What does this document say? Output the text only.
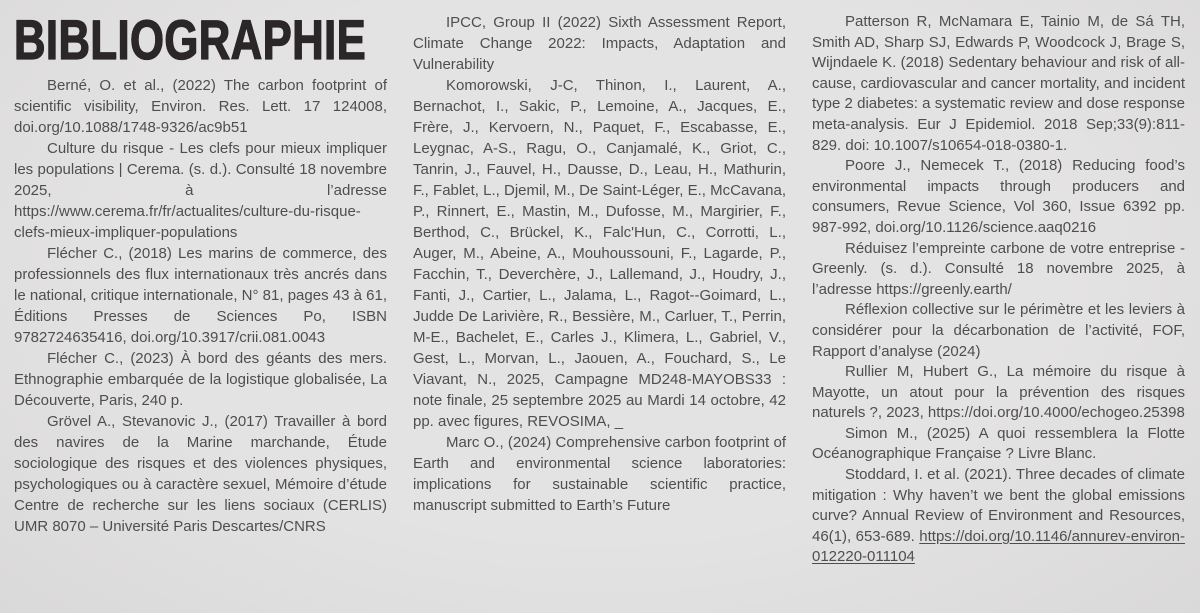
BIBLIOGRAPHIE

Berné, O. et al., (2022) The carbon footprint of scientific visibility, Environ. Res. Lett. 17 124008, doi.org/10.1088/1748-9326/ac9b51

Culture du risque - Les clefs pour mieux impliquer les populations | Cerema. (s. d.). Consulté 18 novembre 2025, à l’adresse https://www.cerema.fr/fr/actualites/culture-du-risque-clefs-mieux-impliquer-populations

Flécher C., (2018) Les marins de commerce, des professionnels des flux internationaux très ancrés dans le national, critique internationale, N° 81, pages 43 à 61, Éditions Presses de Sciences Po, ISBN 9782724635416, doi.org/10.3917/crii.081.0043

Flécher C., (2023) À bord des géants des mers. Ethnographie embarquée de la logistique globalisée, La Découverte, Paris, 240 p.

Grövel A., Stevanovic J., (2017) Travailler à bord des navires de la Marine marchande, Étude sociologique des risques et des violences physiques, psychologiques ou à caractère sexuel, Mémoire d’étude Centre de recherche sur les liens sociaux (CERLIS) UMR 8070 – Université Paris Descartes/CNRS

IPCC, Group II (2022) Sixth Assessment Report, Climate Change 2022: Impacts, Adaptation and Vulnerability

Komorowski, J-C, Thinon, I., Laurent, A., Bernachot, I., Sakic, P., Lemoine, A., Jacques, E., Frère, J., Kervoern, N., Paquet, F., Escabasse, E., Leygnac, A-S., Ragu, O., Canjamalé, K., Griot, C., Tanrin, J., Fauvel, H., Dausse, D., Leau, H., Mathurin, F., Fablet, L., Djemil, M., De Saint-Léger, E., McCavana, P., Rinnert, E., Mastin, M., Dufosse, M., Margirier, F., Berthod, C., Brückel, K., Falc'Hun, C., Corrotti, L., Auger, M., Abeine, A., Mouhoussouni, F., Lagarde, P., Facchin, T., Deverchère, J., Lallemand, J., Houdry, J., Fanti, J., Cartier, L., Jalama, L., Ragot--Goimard, L., Judde De Larivière, R., Bessière, M., Carluer, T., Perrin, M-E., Bachelet, E., Carles J., Klimera, L., Gabriel, V., Gest, L., Morvan, L., Jaouen, A., Fouchard, S., Le Viavant, N., 2025, Campagne MD248-MAYOBS33 : note finale, 25 septembre 2025 au Mardi 14 octobre, 42 pp. avec figures, REVOSIMA, _

Marc O., (2024) Comprehensive carbon footprint of Earth and environmental science laboratories: implications for sustainable scientific practice, manuscript submitted to Earth’s Future

Patterson R, McNamara E, Tainio M, de Sá TH, Smith AD, Sharp SJ, Edwards P, Woodcock J, Brage S, Wijndaele K. (2018) Sedentary behaviour and risk of all-cause, cardiovascular and cancer mortality, and incident type 2 diabetes: a systematic review and dose response meta-analysis. Eur J Epidemiol. 2018 Sep;33(9):811-829. doi: 10.1007/s10654-018-0380-1.

Poore J., Nemecek T., (2018) Reducing food’s environmental impacts through producers and consumers, Revue Science, Vol 360, Issue 6392 pp. 987-992, doi.org/10.1126/science.aaq0216

Réduisez l’empreinte carbone de votre entreprise - Greenly. (s. d.). Consulté 18 novembre 2025, à l’adresse https://greenly.earth/

Réflexion collective sur le périmètre et les leviers à considérer pour la décarbonation de l’activité, FOF, Rapport d’analyse (2024)

Rullier M, Hubert G., La mémoire du risque à Mayotte, un atout pour la prévention des risques naturels ?, 2023, https://doi.org/10.4000/echogeo.25398

Simon M., (2025) A quoi ressemblera la Flotte Océanographique Française ? Livre Blanc.

Stoddard, I. et al. (2021). Three decades of climate mitigation : Why haven’t we bent the global emissions curve? Annual Review of Environment and Resources, 46(1), 653-689. https://doi.org/10.1146/annurev-environ-012220-011104
